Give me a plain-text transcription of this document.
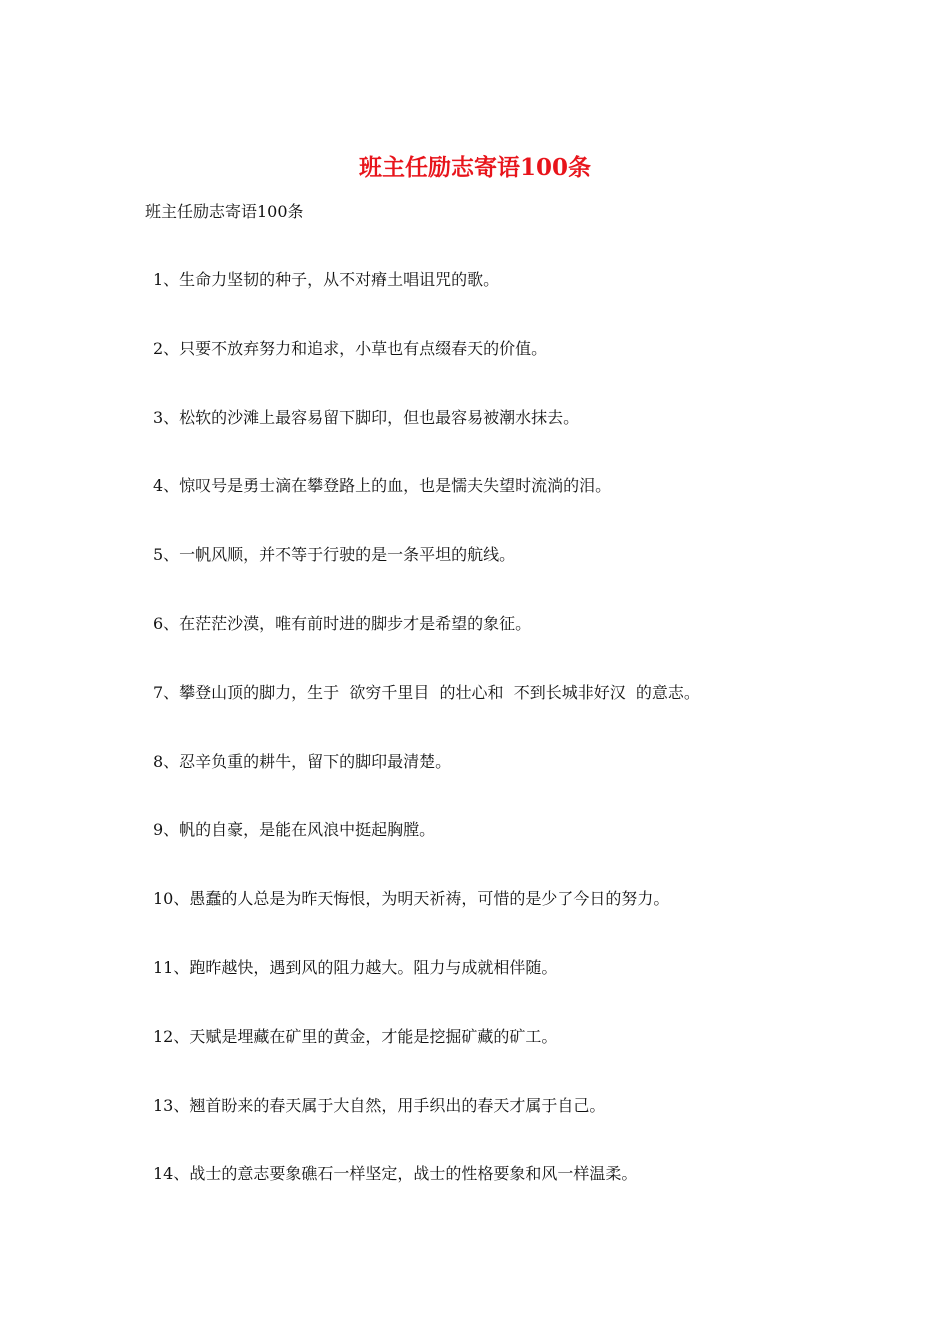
班主任励志寄语100条

班主任励志寄语100条

1、生命力坚韧的种子，从不对瘠土唱诅咒的歌。
2、只要不放弃努力和追求，小草也有点缀春天的价值。
3、松软的沙滩上最容易留下脚印，但也最容易被潮水抹去。
4、惊叹号是勇士滴在攀登路上的血，也是懦夫失望时流淌的泪。
5、一帆风顺，并不等于行驶的是一条平坦的航线。
6、在茫茫沙漠，唯有前时进的脚步才是希望的象征。
7、攀登山顶的脚力，生于  欲穷千里目  的壮心和  不到长城非好汉  的意志。
8、忍辛负重的耕牛，留下的脚印最清楚。
9、帆的自豪，是能在风浪中挺起胸膛。
10、愚蠢的人总是为昨天悔恨，为明天祈祷，可惜的是少了今日的努力。
11、跑昨越快，遇到风的阻力越大。阻力与成就相伴随。
12、天赋是埋藏在矿里的黄金，才能是挖掘矿藏的矿工。
13、翘首盼来的春天属于大自然，用手织出的春天才属于自己。
14、战士的意志要象礁石一样坚定，战士的性格要象和风一样温柔。
